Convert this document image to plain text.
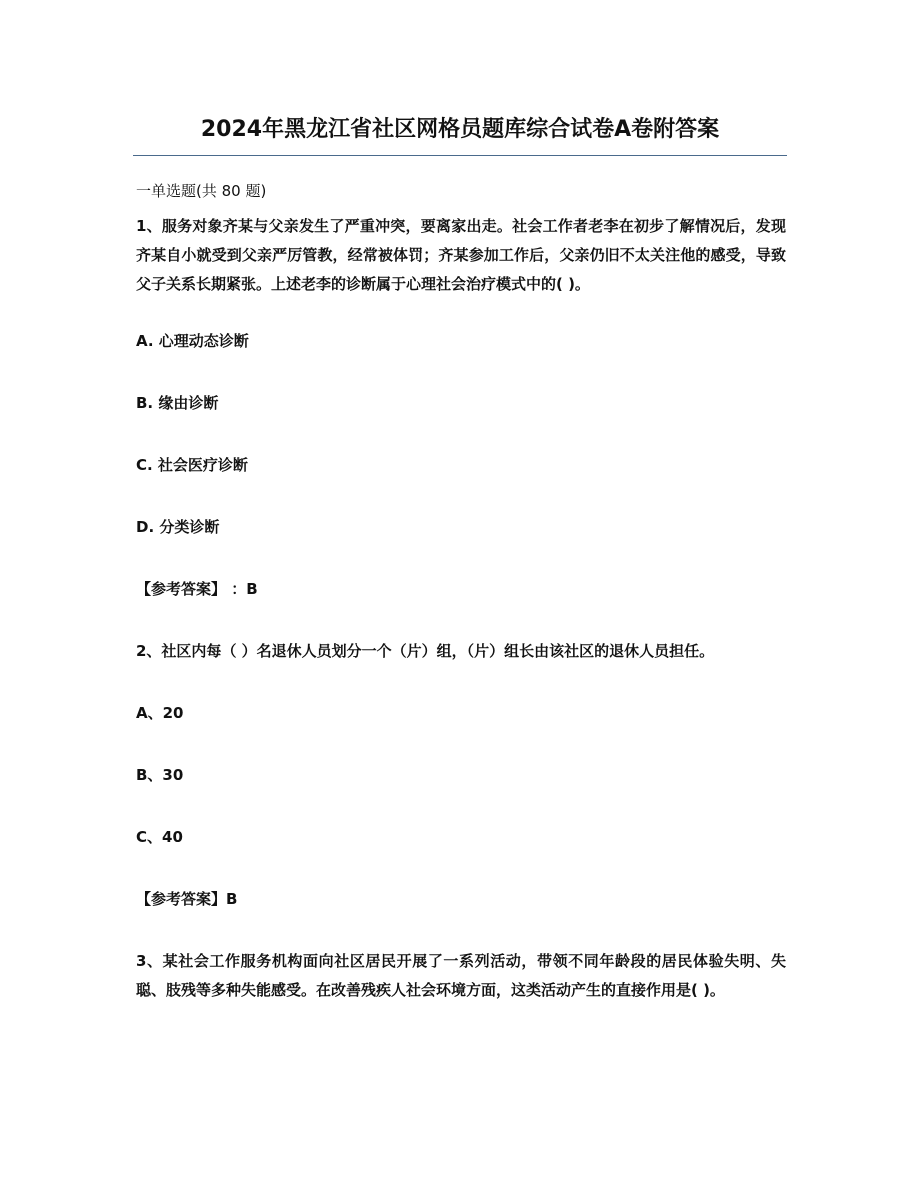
2024年黑龙江省社区网格员题库综合试卷A卷附答案
一单选题(共 80 题)
1、服务对象齐某与父亲发生了严重冲突，要离家出走。社会工作者老李在初步了解情况后，发现齐某自小就受到父亲严厉管教，经常被体罚；齐某参加工作后，父亲仍旧不太关注他的感受，导致父子关系长期紧张。上述老李的诊断属于心理社会治疗模式中的( )。
A. 心理动态诊断
B. 缘由诊断
C. 社会医疗诊断
D. 分类诊断
【参考答案】 ：B
2、社区内每（ ）名退休人员划分一个（片）组，（片）组长由该社区的退休人员担任。
A、20
B、30
C、40
【参考答案】B
3、某社会工作服务机构面向社区居民开展了一系列活动，带领不同年龄段的居民体验失明、失聪、肢残等多种失能感受。在改善残疾人社会环境方面，这类活动产生的直接作用是( )。
